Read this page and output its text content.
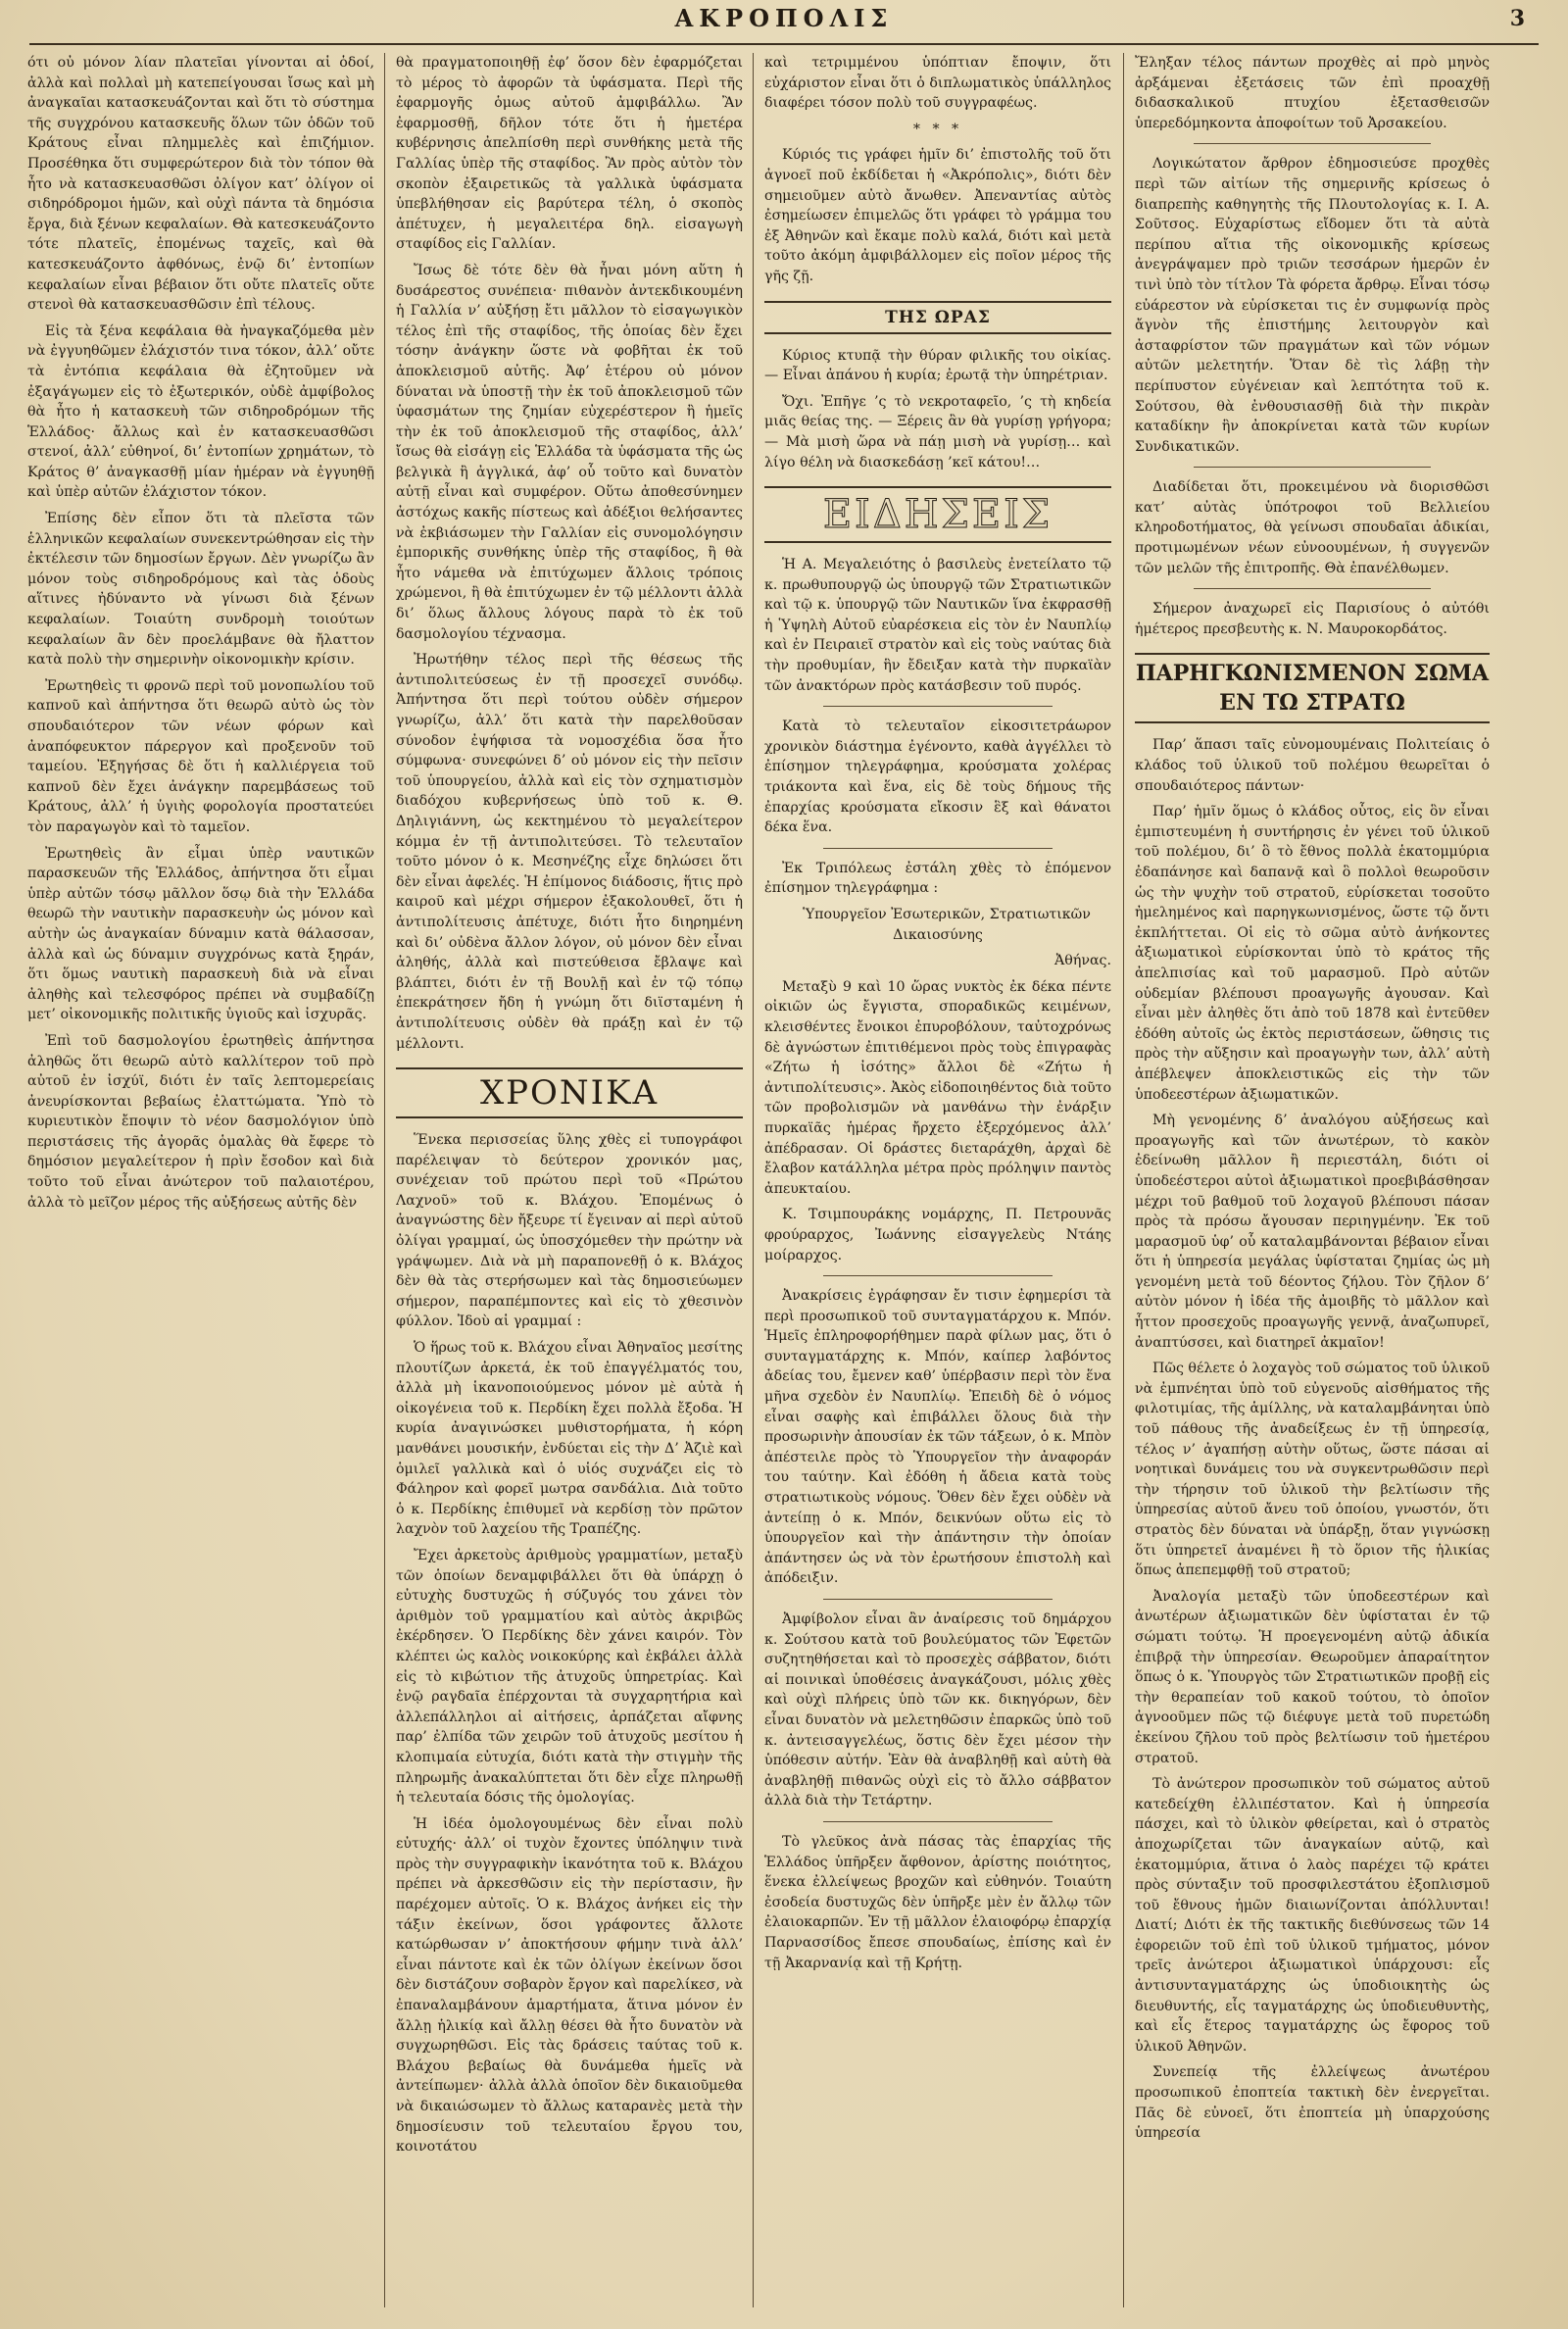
ΑΚΡΟΠΟΛΙΣ	3

ότι οὐ μόνον λίαν πλατεῖαι γίνονται αἱ ὁδοί, ἀλλὰ καὶ πολλαὶ μὴ κατεπείγουσαι ἴσως καὶ μὴ ἀναγκαῖαι κατασκευάζονται καὶ ὅτι τὸ σύστημα τῆς συγχρόνου κατασκευῆς ὅλων τῶν ὁδῶν τοῦ Κράτους εἶναι πλημμελὲς καὶ ἐπιζήμιον. Προσέθηκα ὅτι συμφερώτερον διὰ τὸν τόπον θὰ ἦτο νὰ κατασκευασθῶσι ὀλίγον κατ’ ὀλίγον οἱ σιδηρόδρομοι ἡμῶν, καὶ οὐχὶ πάντα τὰ δημόσια ἔργα, διὰ ξένων κεφαλαίων. Θὰ κατεσκευάζοντο τότε πλατεῖς, ἐπομένως ταχεῖς, καὶ θὰ κατεσκευάζοντο ἀφθόνως, ἐνῷ δι’ ἐντοπίων κεφαλαίων εἶναι βέβαιον ὅτι οὔτε πλατεῖς οὔτε στενοὶ θὰ κατασκευασθῶσιν ἐπὶ τέλους.

Εἰς τὰ ξένα κεφάλαια θὰ ἠναγκαζόμεθα μὲν νὰ ἐγγυηθῶμεν ἐλάχιστόν τινα τόκον, ἀλλ’ οὔτε τὰ ἐντόπια κεφάλαια θὰ ἐζητοῦμεν νὰ ἐξαγάγωμεν εἰς τὸ ἐξωτερικόν, οὐδὲ ἀμφίβολος θὰ ἦτο ἡ κατασκευὴ τῶν σιδηροδρόμων τῆς Ἑλλάδος· ἄλλως καὶ ἐν κατασκευασθῶσι στενοί, ἀλλ’ εὐθηνοί, δι’ ἐντοπίων χρημάτων, τὸ Κράτος θ’ ἀναγκασθῇ μίαν ἡμέραν νὰ ἐγγυηθῇ καὶ ὑπὲρ αὐτῶν ἐλάχιστον τόκον.

Ἐπίσης δὲν εἶπον ὅτι τὰ πλεῖστα τῶν ἑλληνικῶν κεφαλαίων συνεκεντρώθησαν εἰς τὴν ἐκτέλεσιν τῶν δημοσίων ἔργων. Δὲν γνωρίζω ἂν μόνον τοὺς σιδηροδρόμους καὶ τὰς ὁδοὺς αἵτινες ἠδύναντο νὰ γίνωσι διὰ ξένων κεφαλαίων. Τοιαύτη συνδρομὴ τοιούτων κεφαλαίων ἂν δὲν προελάμβανε θὰ ἤλαττον κατὰ πολὺ τὴν σημερινὴν οἰκονομικὴν κρίσιν.

Ἐρωτηθεὶς τι φρονῶ περὶ τοῦ μονοπωλίου τοῦ καπνοῦ καὶ ἀπήντησα ὅτι θεωρῶ αὐτὸ ὡς τὸν σπουδαιότερον τῶν νέων φόρων καὶ ἀναπόφευκτον πάρεργον καὶ προξενοῦν τοῦ ταμείου. Ἐξηγήσας δὲ ὅτι ἡ καλλιέργεια τοῦ καπνοῦ δὲν ἔχει ἀνάγκην παρεμβάσεως τοῦ Κράτους, ἀλλ’ ἡ ὑγιὴς φορολογία προστατεύει τὸν παραγωγὸν καὶ τὸ ταμεῖον.

Ἐρωτηθεὶς ἂν εἶμαι ὑπὲρ ναυτικῶν παρασκευῶν τῆς Ἑλλάδος, ἀπήντησα ὅτι εἶμαι ὑπὲρ αὐτῶν τόσῳ μᾶλλον ὅσῳ διὰ τὴν Ἑλλάδα θεωρῶ τὴν ναυτικὴν παρασκευὴν ὡς μόνον καὶ αὐτὴν ὡς ἀναγκαίαν δύναμιν κατὰ θάλασσαν, ἀλλὰ καὶ ὡς δύναμιν συγχρόνως κατὰ ξηράν, ὅτι ὅμως ναυτικὴ παρασκευὴ διὰ νὰ εἶναι ἀληθὴς καὶ τελεσφόρος πρέπει νὰ συμβαδίζῃ μετ’ οἰκονομικῆς πολιτικῆς ὑγιοῦς καὶ ἰσχυρᾶς.

Ἐπὶ τοῦ δασμολογίου ἐρωτηθεὶς ἀπήντησα ἀληθῶς ὅτι θεωρῶ αὐτὸ καλλίτερον τοῦ πρὸ αὐτοῦ ἐν ἰσχύϊ, διότι ἐν ταῖς λεπτομερείαις ἀνευρίσκονται βεβαίως ἐλαττώματα. Ὑπὸ τὸ κυριευτικὸν ἔποψιν τὸ νέον δασμολόγιον ὑπὸ περιστάσεις τῆς ἀγορᾶς ὁμαλὰς θὰ ἔφερε τὸ δημόσιον μεγαλείτερον ἡ πρὶν ἔσοδον καὶ διὰ τοῦτο τοῦ εἶναι ἀνώτερον τοῦ παλαιοτέρου, ἀλλὰ τὸ μεῖζον μέρος τῆς αὐξήσεως αὐτῆς δὲν

θὰ πραγματοποιηθῇ ἐφ’ ὅσον δὲν ἐφαρμόζεται τὸ μέρος τὸ ἀφορῶν τὰ ὑφάσματα. Περὶ τῆς ἐφαρμογῆς ὁμως αὐτοῦ ἀμφιβάλλω. Ἂν ἐφαρμοσθῇ, δῆλον τότε ὅτι ἡ ἡμετέρα κυβέρνησις ἀπελπίσθη περὶ συνθήκης μετὰ τῆς Γαλλίας ὑπὲρ τῆς σταφίδος. Ἂν πρὸς αὐτὸν τὸν σκοπὸν ἐξαιρετικῶς τὰ γαλλικὰ ὑφάσματα ὑπεβλήθησαν εἰς βαρύτερα τέλη, ὁ σκοπὸς ἀπέτυχεν, ἡ μεγαλειτέρα δηλ. εἰσαγωγὴ σταφίδος εἰς Γαλλίαν.

Ἴσως δὲ τότε δὲν θὰ ἦναι μόνη αὕτη ἡ δυσάρεστος συνέπεια· πιθανὸν ἀντεκδικουμένη ἡ Γαλλία ν’ αὐξήσῃ ἔτι μᾶλλον τὸ εἰσαγωγικὸν τέλος ἐπὶ τῆς σταφίδος, τῆς ὁποίας δὲν ἔχει τόσην ἀνάγκην ὥστε νὰ φοβῆται ἐκ τοῦ ἀποκλεισμοῦ αὐτῆς. Ἀφ’ ἑτέρου οὐ μόνον δύναται νὰ ὑποστῇ τὴν ἐκ τοῦ ἀποκλεισμοῦ τῶν ὑφασμάτων της ζημίαν εὐχερέστερον ἢ ἡμεῖς τὴν ἐκ τοῦ ἀποκλεισμοῦ τῆς σταφίδος, ἀλλ’ ἴσως θὰ εἰσάγῃ εἰς Ἑλλάδα τὰ ὑφάσματα τῆς ὡς βελγικὰ ἢ ἀγγλικά, ἀφ’ οὗ τοῦτο καὶ δυνατὸν αὐτῇ εἶναι καὶ συμφέρον. Οὕτω ἀποθεσύνημεν ἀστόχως κακῆς πίστεως καὶ ἀδέξιοι θελήσαντες νὰ ἐκβιάσωμεν τὴν Γαλλίαν εἰς συνομολόγησιν ἐμπορικῆς συνθήκης ὑπὲρ τῆς σταφίδος, ἢ θὰ ἦτο νάμεθα νὰ ἐπιτύχωμεν ἄλλοις τρόποις χρώμενοι, ἢ θὰ ἐπιτύχωμεν ἐν τῷ μέλλοντι ἀλλὰ δι’ ὅλως ἄλλους λόγους παρὰ τὸ ἐκ τοῦ δασμολογίου τέχνασμα.

Ἠρωτήθην τέλος περὶ τῆς θέσεως τῆς ἀντιπολιτεύσεως ἐν τῇ προσεχεῖ συνόδῳ. Ἀπήντησα ὅτι περὶ τούτου οὐδὲν σήμερον γνωρίζω, ἀλλ’ ὅτι κατὰ τὴν παρελθοῦσαν σύνοδον ἐψήφισα τὰ νομοσχέδια ὅσα ἦτο σύμφωνα· συνεφώνει δ’ οὐ μόνον εἰς τὴν πεῖσιν τοῦ ὑπουργείου, ἀλλὰ καὶ εἰς τὸν σχηματισμὸν διαδόχου κυβερνήσεως ὑπὸ τοῦ κ. Θ. Δηλιγιάννη, ὡς κεκτημένου τὸ μεγαλείτερον κόμμα ἐν τῇ ἀντιπολιτεύσει. Τὸ τελευταῖον τοῦτο μόνον ὁ κ. Μεσηνέζης εἶχε δηλώσει ὅτι δὲν εἶναι ἀφελές. Ἡ ἐπίμονος διάδοσις, ἥτις πρὸ καιροῦ καὶ μέχρι σήμερον ἐξακολουθεῖ, ὅτι ἡ ἀντιπολίτευσις ἀπέτυχε, διότι ἦτο διηρημένη καὶ δι’ οὐδὲνα ἄλλον λόγον, οὐ μόνον δὲν εἶναι ἀληθής, ἀλλὰ καὶ πιστεύθεισα ἔβλαψε καὶ βλάπτει, διότι ἐν τῇ Βουλῇ καὶ ἐν τῷ τόπῳ ἐπεκράτησεν ἤδη ἡ γνώμη ὅτι διϊσταμένη ἡ ἀντιπολίτευσις οὐδὲν θὰ πράξῃ καὶ ἐν τῷ μέλλοντι.

ΧΡΟΝΙΚΑ

Ἕνεκα περισσείας ὕλης χθὲς εἰ τυπογράφοι παρέλειψαν τὸ δεύτερον χρονικόν μας, συνέχειαν τοῦ πρώτου περὶ τοῦ «Πρώτου Λαχνοῦ» τοῦ κ. Βλάχου. Ἐπομένως ὁ ἀναγνώστης δὲν ἤξευρε τί ἔγειναν αἱ περὶ αὐτοῦ ὀλίγαι γραμμαί, ὡς ὑποσχόμεθεν τὴν πρώτην νὰ γράψωμεν. Διὰ νὰ μὴ παραπονεθῇ ὁ κ. Βλάχος δὲν θὰ τὰς στερήσωμεν καὶ τὰς δημοσιεύωμεν σήμερον, παραπέμποντες καὶ εἰς τὸ χθεσινὸν φύλλον. Ἰδοὺ αἱ γραμμαί :

Ὁ ἥρως τοῦ κ. Βλάχου εἶναι Ἀθηναῖος μεσίτης πλουτίζων ἀρκετά, ἐκ τοῦ ἐπαγγέλματός του, ἀλλὰ μὴ ἱκανοποιούμενος μόνον μὲ αὐτὰ ἡ οἰκογένεια τοῦ κ. Περδίκη ἔχει πολλὰ ἔξοδα. Ἡ κυρία ἀναγινώσκει μυθιστορήματα, ἡ κόρη μανθάνει μουσικήν, ἐνδύεται εἰς τὴν Δ’ Ἀζιὲ καὶ ὁμιλεῖ γαλλικὰ καὶ ὁ υἱός συχνάζει εἰς τὸ Φάληρον καὶ φορεῖ μωτρα σανδάλια. Διὰ τοῦτο ὁ κ. Περδίκης ἐπιθυμεῖ νὰ κερδίσῃ τὸν πρῶτον λαχνὸν τοῦ λαχείου τῆς Τραπέζης.

Ἔχει ἀρκετοὺς ἀριθμοὺς γραμματίων, μεταξὺ τῶν ὁποίων δεναμφιβάλλει ὅτι θὰ ὑπάρχῃ ὁ εὐτυχὴς δυστυχῶς ἡ σύζυγός του χάνει τὸν ἀριθμὸν τοῦ γραμματίου καὶ αὐτὸς ἀκριβῶς ἐκέρδησεν. Ὁ Περδίκης δὲν χάνει καιρόν. Τὸν κλέπτει ὡς καλὸς νοικοκύρης καὶ ἐκβάλει ἀλλὰ εἰς τὸ κιβώτιον τῆς ἀτυχοῦς ὑπηρετρίας. Καὶ ἐνῷ ραγδαῖα ἐπέρχονται τὰ συγχαρητήρια καὶ ἀλλεπάλληλοι αἱ αἰτήσεις, ἀρπάζεται αἴφνης παρ’ ἐλπίδα τῶν χειρῶν τοῦ ἀτυχοῦς μεσίτου ἡ κλοπιμαία εὐτυχία, διότι κατὰ τὴν στιγμὴν τῆς πληρωμῆς ἀνακαλύπτεται ὅτι δὲν εἶχε πληρωθῇ ἡ τελευταία δόσις τῆς ὁμολογίας.

Ἡ ἰδέα ὁμολογουμένως δὲν εἶναι πολὺ εὐτυχής· ἀλλ’ οἱ τυχὸν ἔχοντες ὑπόληψιν τινὰ πρὸς τὴν συγγραφικὴν ἱκανότητα τοῦ κ. Βλάχου πρέπει νὰ ἀρκεσθῶσιν εἰς τὴν περίστασιν, ἣν παρέχομεν αὐτοῖς. Ὁ κ. Βλάχος ἀνήκει εἰς τὴν τάξιν ἐκείνων, ὅσοι γράφοντες ἄλλοτε κατώρθωσαν ν’ ἀποκτήσουν φήμην τινὰ ἀλλ’ εἶναι πάντοτε καὶ ἐκ τῶν ὀλίγων ἐκείνων ὅσοι δὲν διστάζουν σοβαρὸν ἔργον καὶ παρελίκεσ, νὰ ἐπαναλαμβάνουν ἁμαρτήματα, ἅτινα μόνον ἐν ἄλλῃ ἡλικίᾳ καὶ ἄλλῃ θέσει θὰ ἦτο δυνατὸν νὰ συγχωρηθῶσι. Εἰς τὰς δράσεις ταύτας τοῦ κ. Βλάχου βεβαίως θὰ δυνάμεθα ἡμεῖς νὰ ἀντείπωμεν· ἀλλὰ ἀλλὰ ὁποῖον δὲν δικαιοῦμεθα νὰ δικαιώσωμεν τὸ ἄλλως καταρανὲς μετὰ τὴν δημοσίευσιν τοῦ τελευταίου ἔργου του, κοινοτάτου

καὶ τετριμμένου ὑπόπτιαν ἔποψιν, ὅτι εὐχάριστον εἶναι ὅτι ὁ διπλωματικὸς ὑπάλληλος διαφέρει τόσον πολὺ τοῦ συγγραφέως.

* * *

Κύριός τις γράφει ἡμῖν δι’ ἐπιστολῆς τοῦ ὅτι ἀγνοεῖ ποῦ ἐκδίδεται ἡ «Ἀκρόπολις», διότι δὲν σημειοῦμεν αὐτὸ ἄνωθεν. Ἀπεναντίας αὐτὸς ἐσημείωσεν ἐπιμελῶς ὅτι γράφει τὸ γράμμα του ἐξ Ἀθηνῶν καὶ ἔκαμε πολὺ καλά, διότι καὶ μετὰ τοῦτο ἀκόμη ἀμφιβάλλομεν εἰς ποῖον μέρος τῆς γῆς ζῇ.

ΤΗΣ ΩΡΑΣ

Κύριος κτυπᾷ τὴν θύραν φιλικῆς του οἰκίας. — Εἶναι ἀπάνου ἡ κυρία; ἐρωτᾷ τὴν ὑπηρέτριαν.

Ὄχι. Ἐπῆγε ’ς τὸ νεκροταφεῖο, ’ς τὴ κηδεία μιᾶς θείας της. — Ξέρεις ἂν θὰ γυρίσῃ γρήγορα; — Μὰ μισὴ ὥρα νὰ πάῃ μισὴ νὰ γυρίσῃ… καὶ λίγο θέλη νὰ διασκεδάσῃ ’κεῖ κάτου!…

ΕΙΔΗΣΕΙΣ

Ἡ Α. Μεγαλειότης ὁ βασιλεὺς ἐνετείλατο τῷ κ. πρωθυπουργῷ ὡς ὑπουργῷ τῶν Στρατιωτικῶν καὶ τῷ κ. ὑπουργῷ τῶν Ναυτικῶν ἵνα ἐκφρασθῇ ἡ Ὑψηλὴ Αὐτοῦ εὐαρέσκεια εἰς τὸν ἐν Ναυπλίῳ καὶ ἐν Πειραιεῖ στρατὸν καὶ εἰς τοὺς ναύτας διὰ τὴν προθυμίαν, ἣν ἔδειξαν κατὰ τὴν πυρκαϊὰν τῶν ἀνακτόρων πρὸς κατάσβεσιν τοῦ πυρός.

Κατὰ τὸ τελευταῖον εἰκοσιτετράωρον χρονικὸν διάστημα ἐγένοντο, καθὰ ἀγγέλλει τὸ ἐπίσημον τηλεγράφημα, κρούσματα χολέρας τριάκοντα καὶ ἕνα, εἰς δὲ τοὺς δήμους τῆς ἐπαρχίας κρούσματα εἴκοσιν ἓξ καὶ θάνατοι δέκα ἕνα.

Ἐκ Τριπόλεως ἐστάλη χθὲς τὸ ἑπόμενον ἐπίσημον τηλεγράφημα :

Ὑπουργεῖον Ἐσωτερικῶν, Στρατιωτικῶν Δικαιοσύνης

Ἀθήνας.

Μεταξὺ 9 καὶ 10 ὥρας νυκτὸς ἐκ δέκα πέντε οἰκιῶν ὡς ἔγγιστα, σποραδικῶς κειμένων, κλεισθέντες ἔνοικοι ἐπυροβόλουν, ταὐτοχρόνως δὲ ἀγνώστων ἐπιτιθέμενοι πρὸς τοὺς ἐπιγραφὰς «Ζήτω ἡ ἰσότης» ἄλλοι δὲ «Ζήτω ἡ ἀντιπολίτευσις». Ἀκὸς εἰδοποιηθέντος διὰ τοῦτο τῶν προβολισμῶν νὰ μανθάνω τὴν ἐνάρξιν πυρκαϊᾶς ἡμέρας ἤρχετο ἐξερχόμενος ἀλλ’ ἀπέδρασαν. Οἱ δράστες διεταράχθη, ἀρχαὶ δὲ ἔλαβον κατάλληλα μέτρα πρὸς πρόληψιν παντὸς ἀπευκταίου.

Κ. Τσιμπουράκης νομάρχης, Π. Πετρουνᾶς φρούραρχος, Ἰωάννης εἰσαγγελεὺς Ντάης μοίραρχος.

Ἀνακρίσεις ἐγράφησαν ἔν τισιν ἐφημερίσι τὰ περὶ προσωπικοῦ τοῦ συνταγματάρχου κ. Μπόν. Ἡμεῖς ἐπληροφορήθημεν παρὰ φίλων μας, ὅτι ὁ συνταγματάρχης κ. Μπόν, καίπερ λαβόντος ἀδείας του, ἔμενεν καθ’ ὑπέρβασιν περὶ τὸν ἕνα μῆνα σχεδὸν ἐν Ναυπλίῳ. Ἐπειδὴ δὲ ὁ νόμος εἶναι σαφὴς καὶ ἐπιβάλλει ὅλους διὰ τὴν προσωρινὴν ἀπουσίαν ἐκ τῶν τάξεων, ὁ κ. Μπὸν ἀπέστειλε πρὸς τὸ Ὑπουργεῖον τὴν ἀναφοράν του ταύτην. Καὶ ἐδόθη ἡ ἄδεια κατὰ τοὺς στρατιωτικοὺς νόμους. Ὅθεν δὲν ἔχει οὐδὲν νὰ ἀντείπῃ ὁ κ. Μπόν, δεικνύων οὕτω εἰς τὸ ὑπουργεῖον καὶ τὴν ἀπάντησιν τὴν ὁποίαν ἀπάντησεν ὡς νὰ τὸν ἐρωτήσουν ἐπιστολὴ καὶ ἀπόδειξιν.

Ἀμφίβολον εἶναι ἂν ἀναίρεσις τοῦ δημάρχου κ. Σούτσου κατὰ τοῦ βουλεύματος τῶν Ἐφετῶν συζητηθήσεται καὶ τὸ προσεχὲς σάββατον, διότι αἱ ποινικαὶ ὑποθέσεις ἀναγκάζουσι, μόλις χθὲς καὶ οὐχὶ πλήρεις ὑπὸ τῶν κκ. δικηγόρων, δὲν εἶναι δυνατὸν νὰ μελετηθῶσιν ἐπαρκῶς ὑπὸ τοῦ κ. ἀντεισαγγελέως, ὅστις δὲν ἔχει μέσον τὴν ὑπόθεσιν αὐτήν. Ἐὰν θὰ ἀναβληθῇ καὶ αὐτὴ θὰ ἀναβληθῇ πιθανῶς οὐχὶ εἰς τὸ ἄλλο σάββατον ἀλλὰ διὰ τὴν Τετάρτην.

Τὸ γλεῦκος ἀνὰ πάσας τὰς ἐπαρχίας τῆς Ἑλλάδος ὑπῆρξεν ἄφθονον, ἀρίστης ποιότητος, ἕνεκα ἐλλείψεως βροχῶν καὶ εὐθηνόν. Τοιαύτη ἐσοδεία δυστυχῶς δὲν ὑπῆρξε μὲν ἐν ἄλλῳ τῶν ἐλαιοκαρπῶν. Ἐν τῇ μᾶλλον ἐλαιοφόρῳ ἐπαρχίᾳ Παρνασσίδος ἔπεσε σπουδαίως, ἐπίσης καὶ ἐν τῇ Ἀκαρνανίᾳ καὶ τῇ Κρήτῃ.

Ἔληξαν τέλος πάντων προχθὲς αἱ πρὸ μηνὸς ἀρξάμεναι ἐξετάσεις τῶν ἐπὶ προαχθῇ διδασκαλικοῦ πτυχίου ἐξετασθεισῶν ὑπερεδόμηκοντα ἀποφοίτων τοῦ Ἀρσακείου.

Λογικώτατον ἄρθρον ἐδημοσιεύσε προχθὲς περὶ τῶν αἰτίων τῆς σημερινῆς κρίσεως ὁ διαπρεπὴς καθηγητὴς τῆς Πλουτολογίας κ. Ι. Α. Σοῦτσος. Εὐχαρίστως εἴδομεν ὅτι τὰ αὐτὰ περίπου αἴτια τῆς οἰκονομικῆς κρίσεως ἀνεγράψαμεν πρὸ τριῶν τεσσάρων ἡμερῶν ἐν τινὶ ὑπὸ τὸν τίτλον Τὰ φόρετα ἄρθρῳ. Εἶναι τόσῳ εὐάρεστον νὰ εὑρίσκεται τις ἐν συμφωνίᾳ πρὸς ἄγνὸν τῆς ἐπιστήμης λειτουργὸν καὶ ἀσταφρίστον τῶν πραγμάτων καὶ τῶν νόμων αὐτῶν μελετητήν. Ὅταν δὲ τὶς λάβῃ τὴν περίπυστον εὐγένειαν καὶ λεπτότητα τοῦ κ. Σούτσου, θὰ ἐνθουσιασθῇ διὰ τὴν πικρὰν καταδίκην ἣν ἀποκρίνεται κατὰ τῶν κυρίων Συνδικατικῶν.

Διαδίδεται ὅτι, προκειμένου νὰ διορισθῶσι κατ’ αὐτὰς ὑπότροφοι τοῦ Βελλιείου κληροδοτήματος, θὰ γείνωσι σπουδαῖαι ἀδικίαι, προτιμωμένων νέων εὐνοουμένων, ἡ συγγενῶν τῶν μελῶν τῆς ἐπιτροπῆς. Θὰ ἐπανέλθωμεν.

Σήμερον ἀναχωρεῖ εἰς Παρισίους ὁ αὐτόθι ἡμέτερος πρεσβευτὴς κ. Ν. Μαυροκορδάτος.

ΠΑΡΗΓΚΩΝΙΣΜΕΝΟΝ ΣΩΜΑ ΕΝ ΤΩ ΣΤΡΑΤΩ

Παρ’ ἅπασι ταῖς εὐνομουμέναις Πολιτείαις ὁ κλάδος τοῦ ὑλικοῦ τοῦ πολέμου θεωρεῖται ὁ σπουδαιότερος πάντων·

Παρ’ ἡμῖν ὅμως ὁ κλάδος οὗτος, εἰς ὃν εἶναι ἐμπιστευμένη ἡ συντήρησις ἐν γένει τοῦ ὑλικοῦ τοῦ πολέμου, δι’ ὃ τὸ ἔθνος πολλὰ ἑκατομμύρια ἐδαπάνησε καὶ δαπανᾷ καὶ ὃ πολλοὶ θεωροῦσιν ὡς τὴν ψυχὴν τοῦ στρατοῦ, εὑρίσκεται τοσοῦτο ἠμελημένος καὶ παρηγκωνισμένος, ὥστε τῷ ὄντι ἐκπλήττεται. Οἱ εἰς τὸ σῶμα αὐτὸ ἀνήκοντες ἀξιωματικοὶ εὑρίσκονται ὑπὸ τὸ κράτος τῆς ἀπελπισίας καὶ τοῦ μαρασμοῦ. Πρὸ αὐτῶν οὐδεμίαν βλέπουσι προαγωγῆς ἀγουσαν. Καὶ εἶναι μὲν ἀληθὲς ὅτι ἀπὸ τοῦ 1878 καὶ ἐντεῦθεν ἐδόθη αὐτοῖς ὡς ἐκτὸς περιστάσεων, ὥθησις τις πρὸς τὴν αὔξησιν καὶ προαγωγὴν των, ἀλλ’ αὐτὴ ἀπέβλεψεν ἀποκλειστικῶς εἰς τὴν τῶν ὑποδεεστέρων ἀξιωματικῶν.

Μὴ γενομένης δ’ ἀναλόγου αὐξήσεως καὶ προαγωγῆς καὶ τῶν ἀνωτέρων, τὸ κακὸν ἐδείνωθη μᾶλλον ἢ περιεστάλη, διότι οἱ ὑποδεέστεροι αὐτοὶ ἀξιωματικοὶ προεβιβάσθησαν μέχρι τοῦ βαθμοῦ τοῦ λοχαγοῦ βλέπουσι πάσαν πρὸς τὰ πρόσω ἄγουσαν περιηγμένην. Ἐκ τοῦ μαρασμοῦ ὑφ’ οὗ καταλαμβάνονται βέβαιον εἶναι ὅτι ἡ ὑπηρεσία μεγάλας ὑφίσταται ζημίας ὡς μὴ γενομένη μετὰ τοῦ δέοντος ζήλου. Τὸν ζῆλον δ’ αὐτὸν μόνον ἡ ἰδέα τῆς ἀμοιβῆς τὸ μᾶλλον καὶ ἧττον προσεχοῦς προαγωγῆς γεννᾷ, ἀναζωπυρεῖ, ἀναπτύσσει, καὶ διατηρεῖ ἀκμαῖον!

Πῶς θέλετε ὁ λοχαγὸς τοῦ σώματος τοῦ ὑλικοῦ νὰ ἐμπνέηται ὑπὸ τοῦ εὐγενοῦς αἰσθήματος τῆς φιλοτιμίας, τῆς ἁμίλλης, νὰ καταλαμβάνηται ὑπὸ τοῦ πάθους τῆς ἀναδείξεως ἐν τῇ ὑπηρεσίᾳ, τέλος ν’ ἀγαπήσῃ αὐτὴν οὕτως, ὥστε πάσαι αἱ νοητικαὶ δυνάμεις του νὰ συγκεντρωθῶσιν περὶ τὴν τήρησιν τοῦ ὑλικοῦ τὴν βελτίωσιν τῆς ὑπηρεσίας αὐτοῦ ἄνευ τοῦ ὁποίου, γνωστόν, ὅτι στρατὸς δὲν δύναται νὰ ὑπάρξῃ, ὅταν γιγνώσκῃ ὅτι ὑπηρετεῖ ἀναμένει ἢ τὸ ὅριον τῆς ἡλικίας ὅπως ἀπεπεμφθῇ τοῦ στρατοῦ;

Ἀναλογία μεταξὺ τῶν ὑποδεεστέρων καὶ ἀνωτέρων ἀξιωματικῶν δὲν ὑφίσταται ἐν τῷ σώματι τούτῳ. Ἡ προεγενομένη αὐτῷ ἀδικία ἐπιβρᾷ τὴν ὑπηρεσίαν. Θεωροῦμεν ἀπαραίτητον ὅπως ὁ κ. Ὑπουργὸς τῶν Στρατιωτικῶν προβῇ εἰς τὴν θεραπείαν τοῦ κακοῦ τούτου, τὸ ὁποῖον ἀγνοοῦμεν πῶς τῷ διέφυγε μετὰ τοῦ πυρετώδη ἐκείνου ζῆλου τοῦ πρὸς βελτίωσιν τοῦ ἡμετέρου στρατοῦ.

Τὸ ἀνώτερον προσωπικὸν τοῦ σώματος αὐτοῦ κατεδείχθη ἐλλιπέστατον. Καὶ ἡ ὑπηρεσία πάσχει, καὶ τὸ ὑλικὸν φθείρεται, καὶ ὁ στρατὸς ἀποχωρίζεται τῶν ἀναγκαίων αὐτῷ, καὶ ἑκατομμύρια, ἅτινα ὁ λαὸς παρέχει τῷ κράτει πρὸς σύνταξιν τοῦ προσφιλεστάτου ἐξοπλισμοῦ τοῦ ἔθνους ἡμῶν διαιωνίζονται ἀπόλλυνται! Διατί; Διότι ἐκ τῆς τακτικῆς διεθύνσεως τῶν 14 ἐφορειῶν τοῦ ἐπὶ τοῦ ὑλικοῦ τμήματος, μόνον τρεῖς ἀνώτεροι ἀξιωματικοὶ ὑπάρχουσι: εἷς ἀντισυνταγματάρχης ὡς ὑποδιοικητὴς ὡς διευθυντής, εἷς ταγματάρχης ὡς ὑποδιευθυντὴς, καὶ εἷς ἕτερος ταγματάρχης ὡς ἔφορος τοῦ ὑλικοῦ Ἀθηνῶν.

Συνεπείᾳ τῆς ἐλλείψεως ἀνωτέρου προσωπικοῦ ἐποπτεία τακτικὴ δὲν ἐνεργεῖται. Πᾶς δὲ εὐνοεῖ, ὅτι ἐποπτεία μὴ ὑπαρχούσης ὑπηρεσία
